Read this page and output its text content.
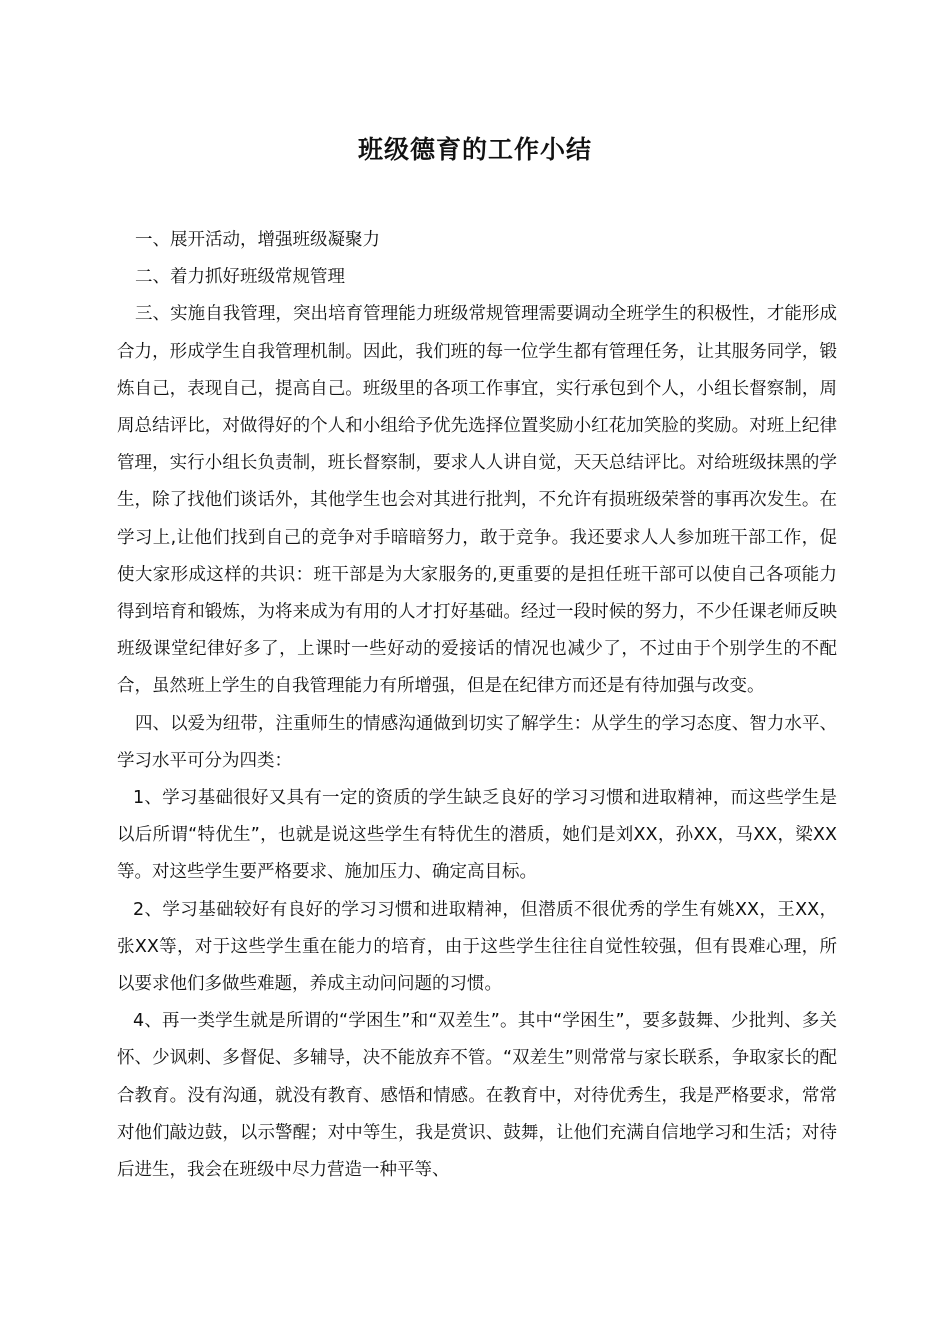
班级德育的工作小结

一、展开活动，增强班级凝聚力

二、着力抓好班级常规管理

三、实施自我管理，突出培育管理能力班级常规管理需要调动全班学生的积极性，才能形成合力，形成学生自我管理机制。因此，我们班的每一位学生都有管理任务，让其服务同学，锻炼自己，表现自己，提高自己。班级里的各项工作事宜，实行承包到个人，小组长督察制，周周总结评比，对做得好的个人和小组给予优先选择位置奖励小红花加笑脸的奖励。对班上纪律管理，实行小组长负责制，班长督察制，要求人人讲自觉，天天总结评比。对给班级抹黑的学生，除了找他们谈话外，其他学生也会对其进行批判，不允许有损班级荣誉的事再次发生。在学习上,让他们找到自己的竞争对手暗暗努力，敢于竞争。我还要求人人参加班干部工作，促使大家形成这样的共识：班干部是为大家服务的,更重要的是担任班干部可以使自己各项能力得到培育和锻炼，为将来成为有用的人才打好基础。经过一段时候的努力，不少任课老师反映班级课堂纪律好多了，上课时一些好动的爱接话的情况也减少了，不过由于个别学生的不配合，虽然班上学生的自我管理能力有所增强，但是在纪律方而还是有待加强与改变。

四、以爱为纽带，注重师生的情感沟通做到切实了解学生：从学生的学习态度、智力水平、学习水平可分为四类：

1、学习基础很好又具有一定的资质的学生缺乏良好的学习习惯和进取精神，而这些学生是以后所谓“特优生”，也就是说这些学生有特优生的潜质，她们是刘XX，孙XX，马XX，梁XX等。对这些学生要严格要求、施加压力、确定高目标。

2、学习基础较好有良好的学习习惯和进取精神，但潜质不很优秀的学生有姚XX，王XX，张XX等，对于这些学生重在能力的培育，由于这些学生往往自觉性较强，但有畏难心理，所以要求他们多做些难题，养成主动问问题的习惯。

4、再一类学生就是所谓的“学困生”和“双差生”。其中“学困生”，要多鼓舞、少批判、多关怀、少讽刺、多督促、多辅导，决不能放弃不管。“双差生”则常常与家长联系，争取家长的配合教育。没有沟通，就没有教育、感悟和情感。在教育中，对待优秀生，我是严格要求，常常对他们敲边鼓，以示警醒；对中等生，我是赏识、鼓舞，让他们充满自信地学习和生活；对待后进生，我会在班级中尽力营造一种平等、
